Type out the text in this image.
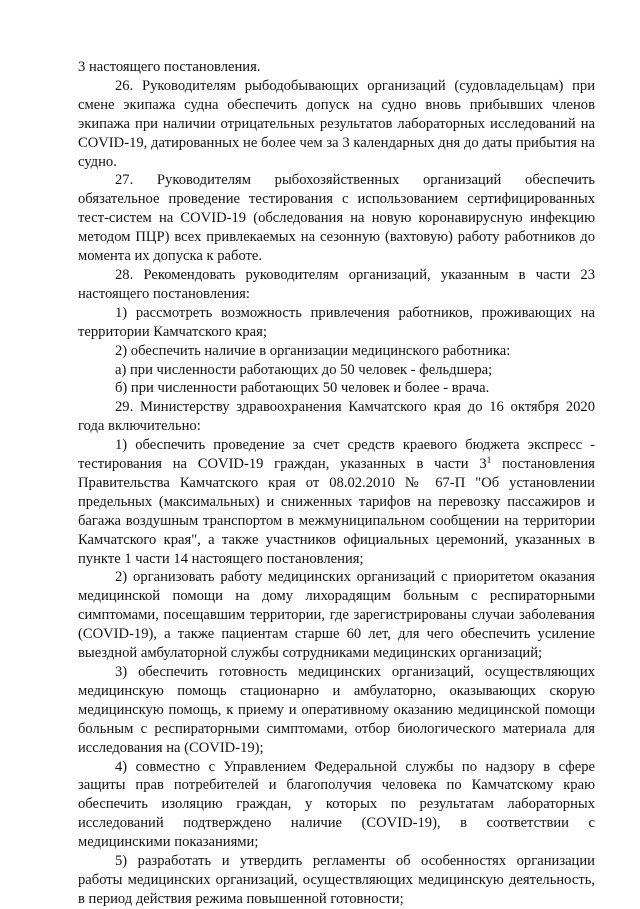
3 настоящего постановления.

26. Руководителям рыбодобывающих организаций (судовладельцам) при смене экипажа судна обеспечить допуск на судно вновь прибывших членов экипажа при наличии отрицательных результатов лабораторных исследований на COVID-19, датированных не более чем за 3 календарных дня до даты прибытия на судно.

27. Руководителям рыбохозяйственных организаций обеспечить обязательное проведение тестирования с использованием сертифицированных тест-систем на COVID-19 (обследования на новую коронавирусную инфекцию методом ПЦР) всех привлекаемых на сезонную (вахтовую) работу работников до момента их допуска к работе.

28. Рекомендовать руководителям организаций, указанным в части 23 настоящего постановления:

1) рассмотреть возможность привлечения работников, проживающих на территории Камчатского края;

2) обеспечить наличие в организации медицинского работника:

а) при численности работающих до 50 человек - фельдшера;

б) при численности работающих 50 человек и более - врача.

29. Министерству здравоохранения Камчатского края до 16 октября 2020 года включительно:

1) обеспечить проведение за счет средств краевого бюджета экспресс - тестирования на COVID-19 граждан, указанных в части $3^1$ постановления Правительства Камчатского края от 08.02.2010 № 67-П "Об установлении предельных (максимальных) и сниженных тарифов на перевозку пассажиров и багажа воздушным транспортом в межмуниципальном сообщении на территории Камчатского края", а также участников официальных церемоний, указанных в пункте 1 части 14 настоящего постановления;

2) организовать работу медицинских организаций с приоритетом оказания медицинской помощи на дому лихорадящим больным с респираторными симптомами, посещавшим территории, где зарегистрированы случаи заболевания (COVID-19), а также пациентам старше 60 лет, для чего обеспечить усиление выездной амбулаторной службы сотрудниками медицинских организаций;

3) обеспечить готовность медицинских организаций, осуществляющих медицинскую помощь стационарно и амбулаторно, оказывающих скорую медицинскую помощь, к приему и оперативному оказанию медицинской помощи больным с респираторными симптомами, отбор биологического материала для исследования на (COVID-19);

4) совместно с Управлением Федеральной службы по надзору в сфере защиты прав потребителей и благополучия человека по Камчатскому краю обеспечить изоляцию граждан, у которых по результатам лабораторных исследований подтверждено наличие (COVID-19), в соответствии с медицинскими показаниями;

5) разработать и утвердить регламенты об особенностях организации работы медицинских организаций, осуществляющих медицинскую деятельность, в период действия режима повышенной готовности;
